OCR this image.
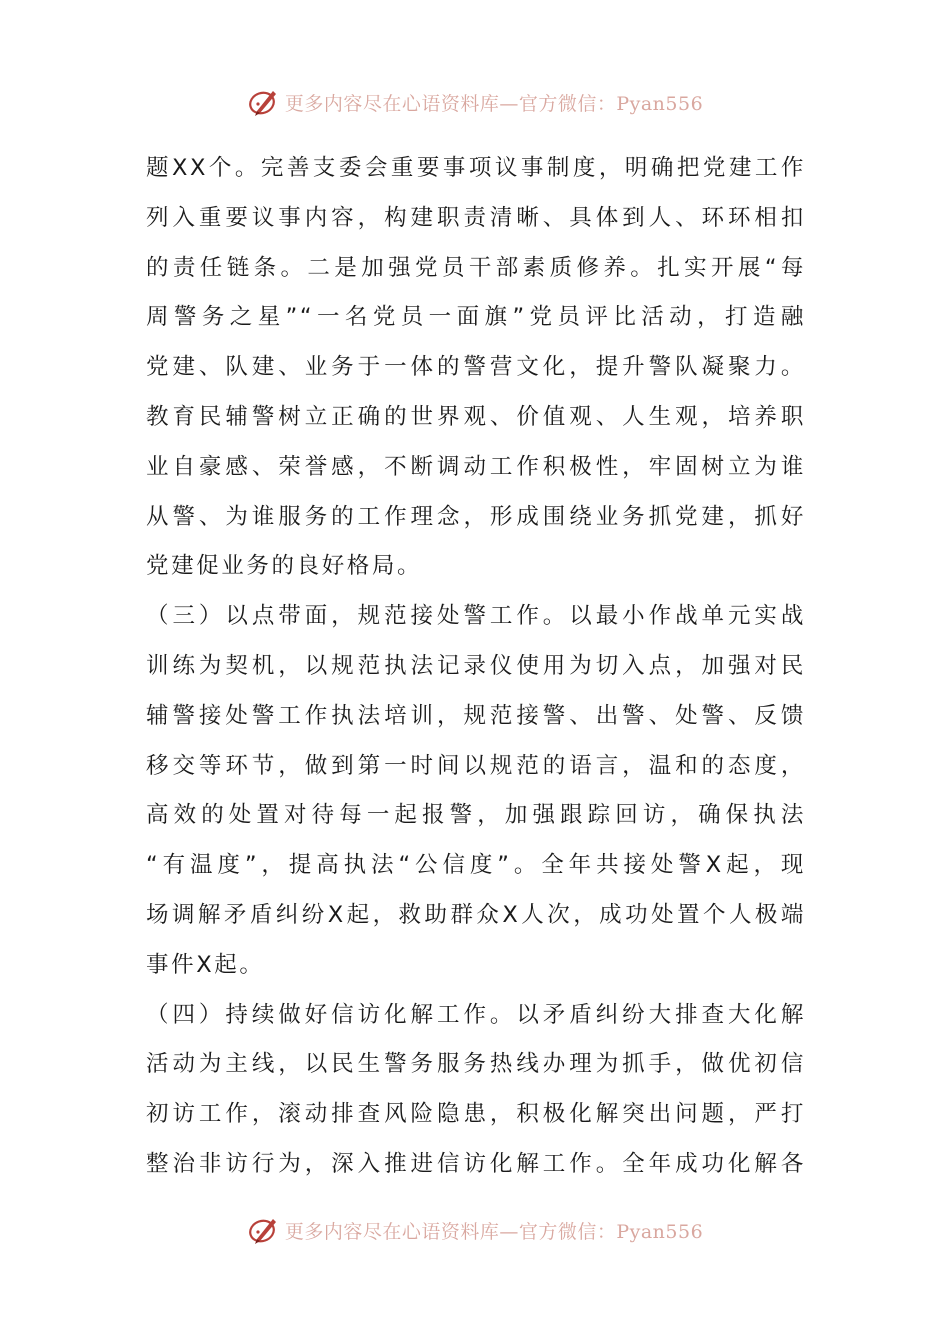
更多内容尽在心语资料库—官方微信：Pyan556
题XX个。完善支委会重要事项议事制度，明确把党建工作
列入重要议事内容，构建职责清晰、具体到人、环环相扣
的责任链条。二是加强党员干部素质修养。扎实开展“每
周警务之星”“一名党员一面旗”党员评比活动，打造融
党建、队建、业务于一体的警营文化，提升警队凝聚力。
教育民辅警树立正确的世界观、价值观、人生观，培养职
业自豪感、荣誉感，不断调动工作积极性，牢固树立为谁
从警、为谁服务的工作理念，形成围绕业务抓党建，抓好
党建促业务的良好格局。
（三）以点带面，规范接处警工作。以最小作战单元实战
训练为契机，以规范执法记录仪使用为切入点，加强对民
辅警接处警工作执法培训，规范接警、出警、处警、反馈
移交等环节，做到第一时间以规范的语言，温和的态度，
高效的处置对待每一起报警，加强跟踪回访，确保执法
“有温度”，提高执法“公信度”。全年共接处警X起，现
场调解矛盾纠纷X起，救助群众X人次，成功处置个人极端
事件X起。
（四）持续做好信访化解工作。以矛盾纠纷大排查大化解
活动为主线，以民生警务服务热线办理为抓手，做优初信
初访工作，滚动排查风险隐患，积极化解突出问题，严打
整治非访行为，深入推进信访化解工作。全年成功化解各
更多内容尽在心语资料库—官方微信：Pyan556
